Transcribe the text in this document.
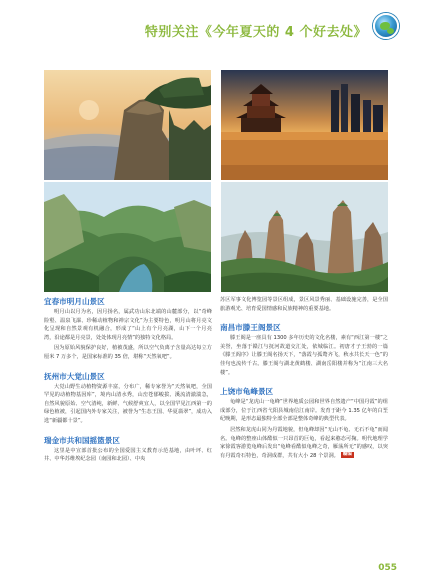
特别关注《今年夏天的 4 个好去处》
宜春市明月山景区

明月山以月为名，因月扬名，属武功山东北端的山麓部分，以“奇峰险壑、温泉飞瀑、珍稀动植物和禅宗文化”为主要特色，明月山将月亮文化呈现和自然景观有机融合，形成了“山上有个月亮湖，山下一个月亮湾，沿途都是月亮景，处处体现月亮情”的独特文化格局。

因为原始风貌保护良好，植被茂盛，所以空气负离子含量高达每立方厘米 7 万多个，是国家标准的 35 倍，堪称“天然氧吧”。

抚州市大觉山景区

大觉山野生动植物资源丰富，分布广，稀专家誉为“天然氧吧，全国罕见的动植物基因库”，境内山清水秀，山峦苍郁峻拔、溪流清澈湍急，自然风貌原始、空气清纯，新鲜、气候舒爽宜人，以全国罕见江西第一的绿色植被，引起国内外专家关注，被誉为“生态王国、华夏翡翠”，成功入选“新疆都十景”。

瑞金市共和国摇篮景区

这里是中宣部首批公布的全国爱国主义教育示范基地，由叶坪、红井、中华苏维埃纪念园（南园和北园）、中央

苏区军事文化博览园等景区组成，景区风景秀丽、基础设施完善，是全国旅游观光、培育爱国情感和民族精神的重要基地。

南昌市滕王阁景区

滕王阁是一座具有 1300 多年历史的文化名楼，素有“西江第一楼”之美誉，坐落于赣江与抚河故道交汇处，依城临江。初唐才子王勃的一篇《滕王阁序》让滕王阁名扬天下，“落霞与孤鹜齐飞，秋水共长天一色”的佳句也流传千古。滕王阁与湖北黄鹤楼、湖南岳阳楼并称为“江南三大名楼”。

上饶市龟峰景区

龟峰是“龙虎山一龟峰”世界地质公园和世界自然遗产“中国丹霞”的组成部分，位于江西省弋阳县城南信江南岸。发育于距今 1.35 亿年的白垩纪晚期，是形态最独特全部全部是整体奇峰的典型代表。

居然和龙虎山同为丹霞地貌，但龟峰却因“无山不龟、无石不龟”而闻名。龟峰的整座山体酷似一只昂首的巨龟，看起来憨态可掬。明代地理学家徐霞客游览龟峰后发出“龟峰看酷似龟峰之奇，雁荡所无”的感叹，以突有丹霞奇石特色，奇洞成群，共有大小 28 个景洞。 赣编

055
